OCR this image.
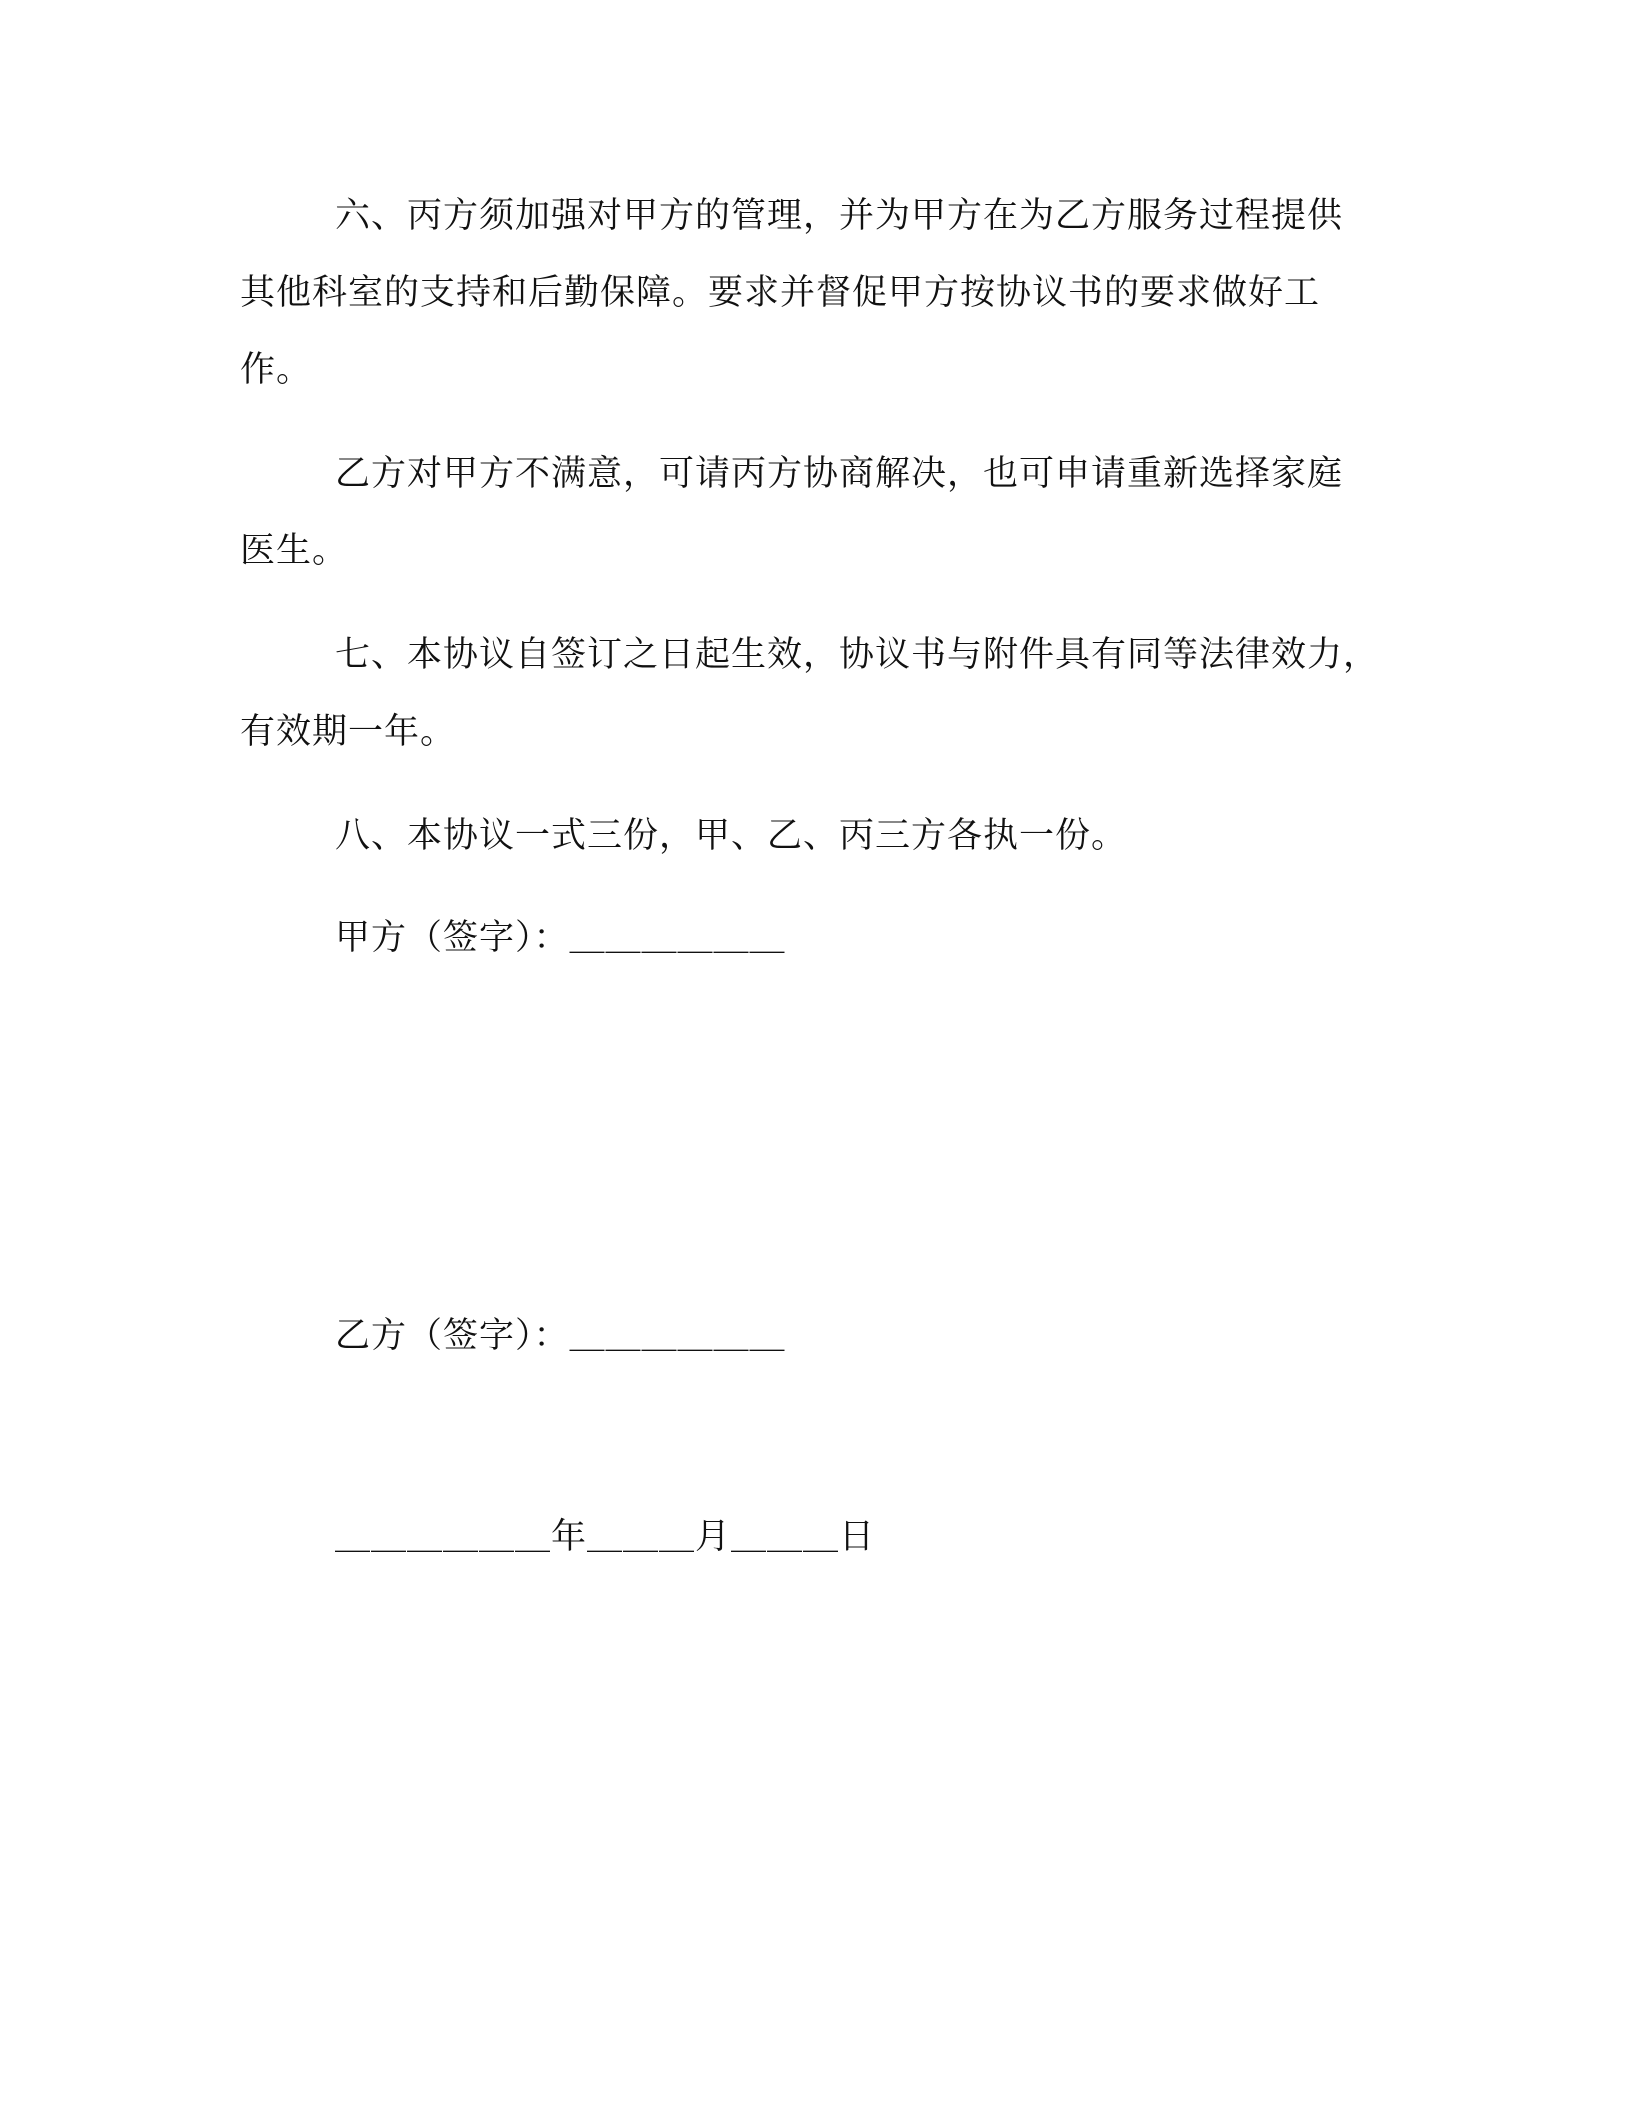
六、丙方须加强对甲方的管理，并为甲方在为乙方服务过程提供
其他科室的支持和后勤保障。要求并督促甲方按协议书的要求做好工
作。
乙方对甲方不满意，可请丙方协商解决，也可申请重新选择家庭
医生。
七、本协议自签订之日起生效，协议书与附件具有同等法律效力，
有效期一年。
八、本协议一式三份，甲、乙、丙三方各执一份。
甲方（签字）：＿＿＿＿＿＿
乙方（签字）：＿＿＿＿＿＿
＿＿＿＿＿＿年＿＿＿月＿＿＿日
